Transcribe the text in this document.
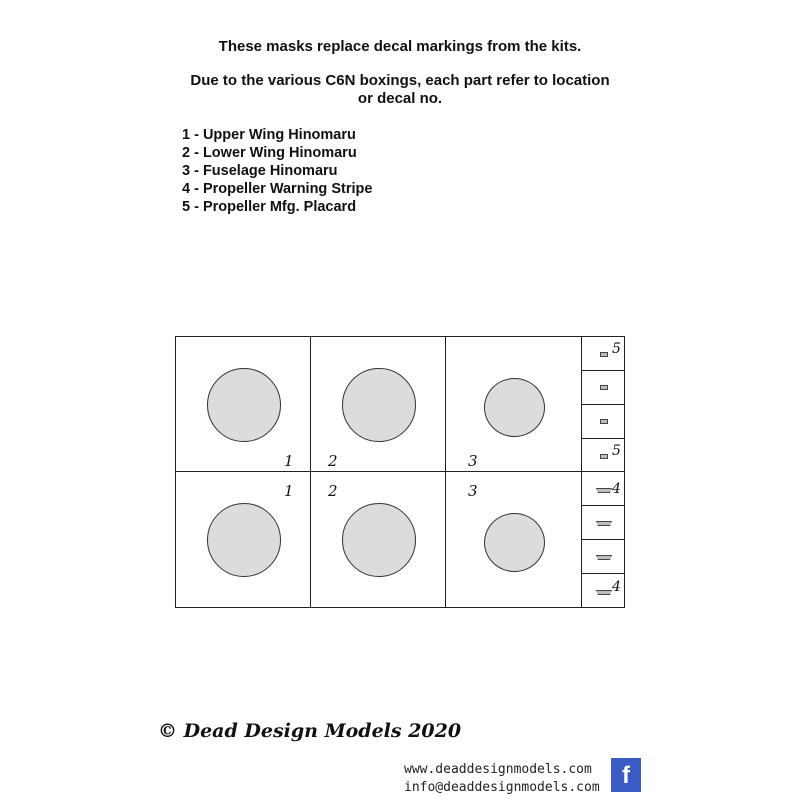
These masks replace decal markings from the kits.
Due to the various C6N boxings, each part refer to location
or decal no.
1 - Upper Wing Hinomaru
2 - Lower Wing Hinomaru
3 - Fuselage Hinomaru
4 - Propeller Warning Stripe
5 - Propeller Mfg. Placard
1 2	3
1 2	3
5
5
4
4
© Dead Design Models 2020
www.deaddesignmodels.com
info@deaddesignmodels.com f
